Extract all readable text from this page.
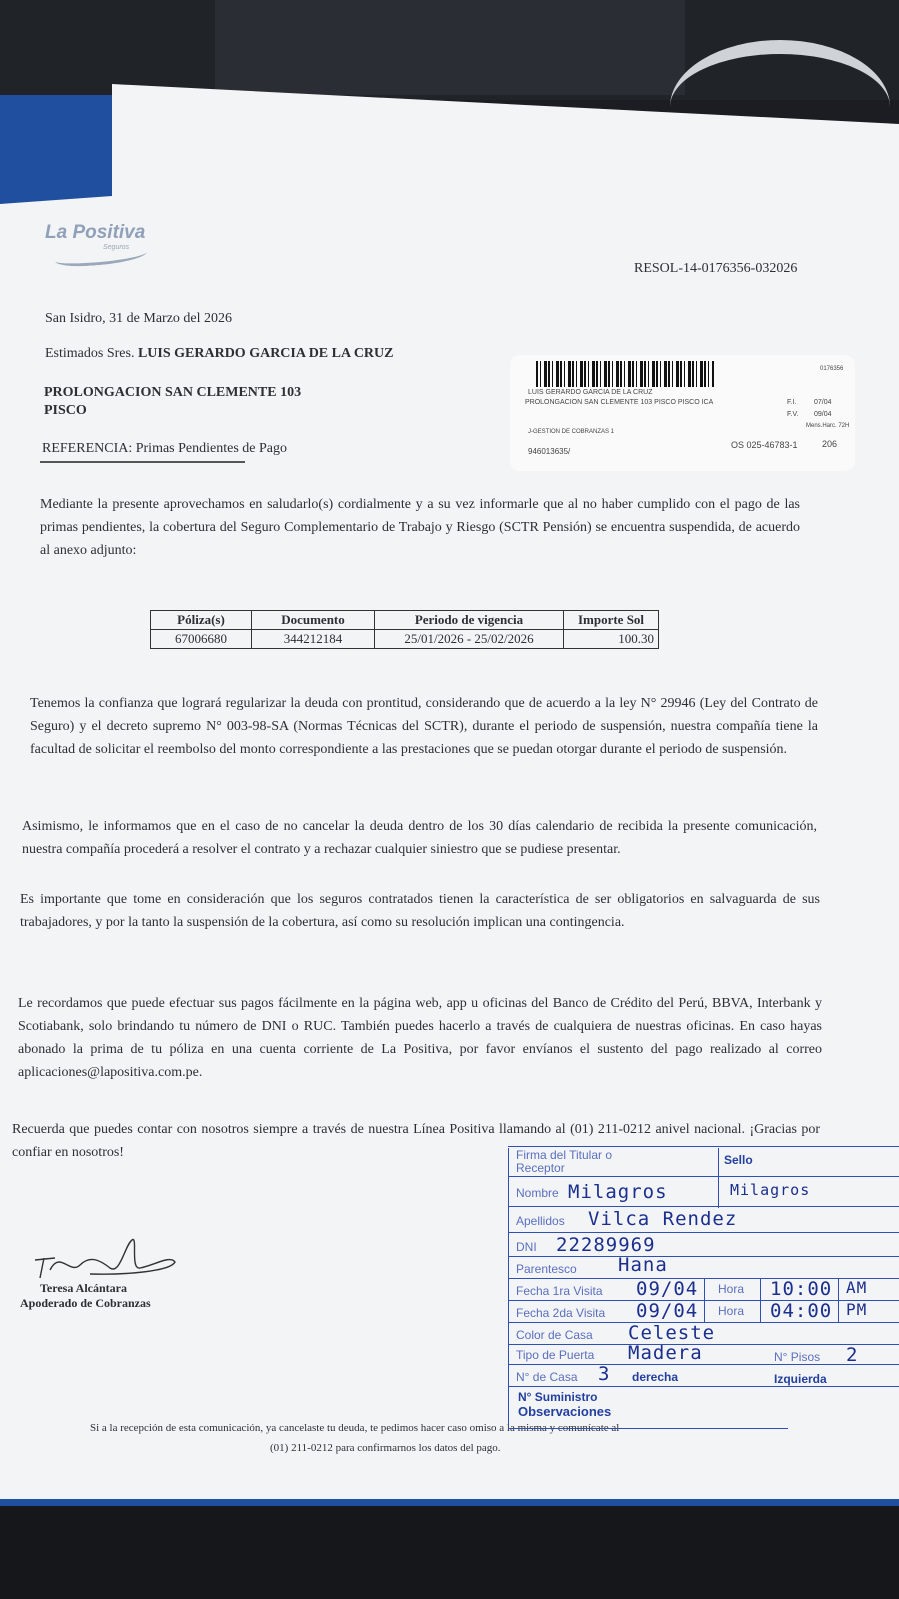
La Positiva
Seguros
RESOL-14-0176356-032026
San Isidro, 31 de Marzo del 2026
Estimados Sres. LUIS GERARDO GARCIA DE LA CRUZ
PROLONGACION SAN CLEMENTE 103
PISCO
REFERENCIA: Primas Pendientes de Pago
0176356
LUIS GERARDO GARCIA DE LA CRUZ
PROLONGACION SAN CLEMENTE 103 PISCO PISCO ICA	F.I.	07/04
F.V. 09/04
Mens.Harc. 72H
J-GESTION DE COBRANZAS 1
946013635/
OS 025-46783-1	206
Mediante la presente aprovechamos en saludarlo(s) cordialmente y a su vez informarle que al no haber cumplido con el pago de las primas pendientes, la cobertura del Seguro Complementario de Trabajo y Riesgo (SCTR Pensión) se encuentra suspendida, de acuerdo al anexo adjunto:
Póliza(s)	Documento	Periodo de vigencia	Importe Sol
67006680	344212184	25/01/2026 - 25/02/2026	100.30
Tenemos la confianza que logrará regularizar la deuda con prontitud, considerando que de acuerdo a la ley N° 29946 (Ley del Contrato de Seguro) y el decreto supremo N° 003-98-SA (Normas Técnicas del SCTR), durante el periodo de suspensión, nuestra compañía tiene la facultad de solicitar el reembolso del monto correspondiente a las prestaciones que se puedan otorgar durante el periodo de suspensión.
Asimismo, le informamos que en el caso de no cancelar la deuda dentro de los 30 días calendario de recibida la presente comunicación, nuestra compañía procederá a resolver el contrato y a rechazar cualquier siniestro que se pudiese presentar.
Es importante que tome en consideración que los seguros contratados tienen la característica de ser obligatorios en salvaguarda de sus trabajadores, y por la tanto la suspensión de la cobertura, así como su resolución implican una contingencia.
Le recordamos que puede efectuar sus pagos fácilmente en la página web, app u oficinas del Banco de Crédito del Perú, BBVA, Interbank y Scotiabank, solo brindando tu número de DNI o RUC. También puedes hacerlo a través de cualquiera de nuestras oficinas. En caso hayas abonado la prima de tu póliza en una cuenta corriente de La Positiva, por favor envíanos el sustento del pago realizado al correo aplicaciones@lapositiva.com.pe.
Recuerda que puedes contar con nosotros siempre a través de nuestra Línea Positiva llamando al (01) 211-0212 anivel nacional. ¡Gracias por confiar en nosotros!
Teresa Alcántara
Apoderado de Cobranzas
Si a la recepción de esta comunicación, ya cancelaste tu deuda, te pedimos hacer caso omiso a la misma y comunícate al
(01) 211-0212 para confirmarnos los datos del pago.
Firma del Titular o Receptor
Sello
Nombre Milagros	Milagros
Apellidos Vilca Rendez
DNI 22289969
Parentesco Hana
Fecha 1ra Visita 09/04 Hora 10:00 AM
Fecha 2da Visita 09/04 Hora 04:00 PM
Color de Casa Celeste
Tipo de Puerta Madera	N° Pisos 2
N° de Casa 3 derecha	Izquierda
N° Suministro
Observaciones
